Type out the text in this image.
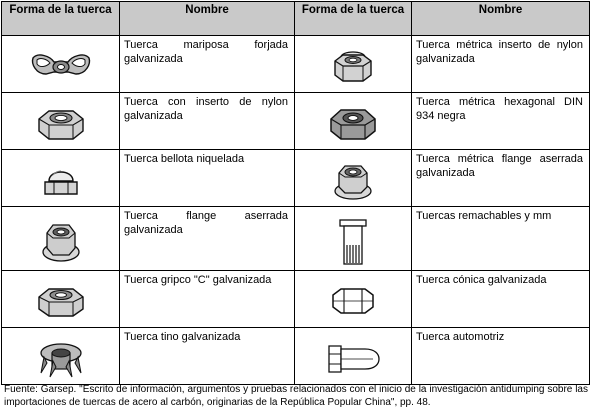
Forma de la tuerca	Nombre	Forma de la tuerca	Nombre

	Tuerca mariposa forjada galvanizada		Tuerca métrica inserto de nylon galvanizada

	Tuerca con inserto de nylon galvanizada		Tuerca métrica hexagonal DIN 934 negra

	Tuerca bellota niquelada		Tuerca métrica flange aserrada galvanizada

	Tuerca flange aserrada galvanizada		Tuercas remachables y mm

	Tuerca gripco "C" galvanizada		Tuerca cónica galvanizada

	Tuerca tino galvanizada		Tuerca automotriz
Fuente: Garsep. "Escrito de información, argumentos y pruebas relacionados con el inicio de la investigación antidumping sobre las importaciones de tuercas de acero al carbón, originarias de la República Popular China", pp. 48.
